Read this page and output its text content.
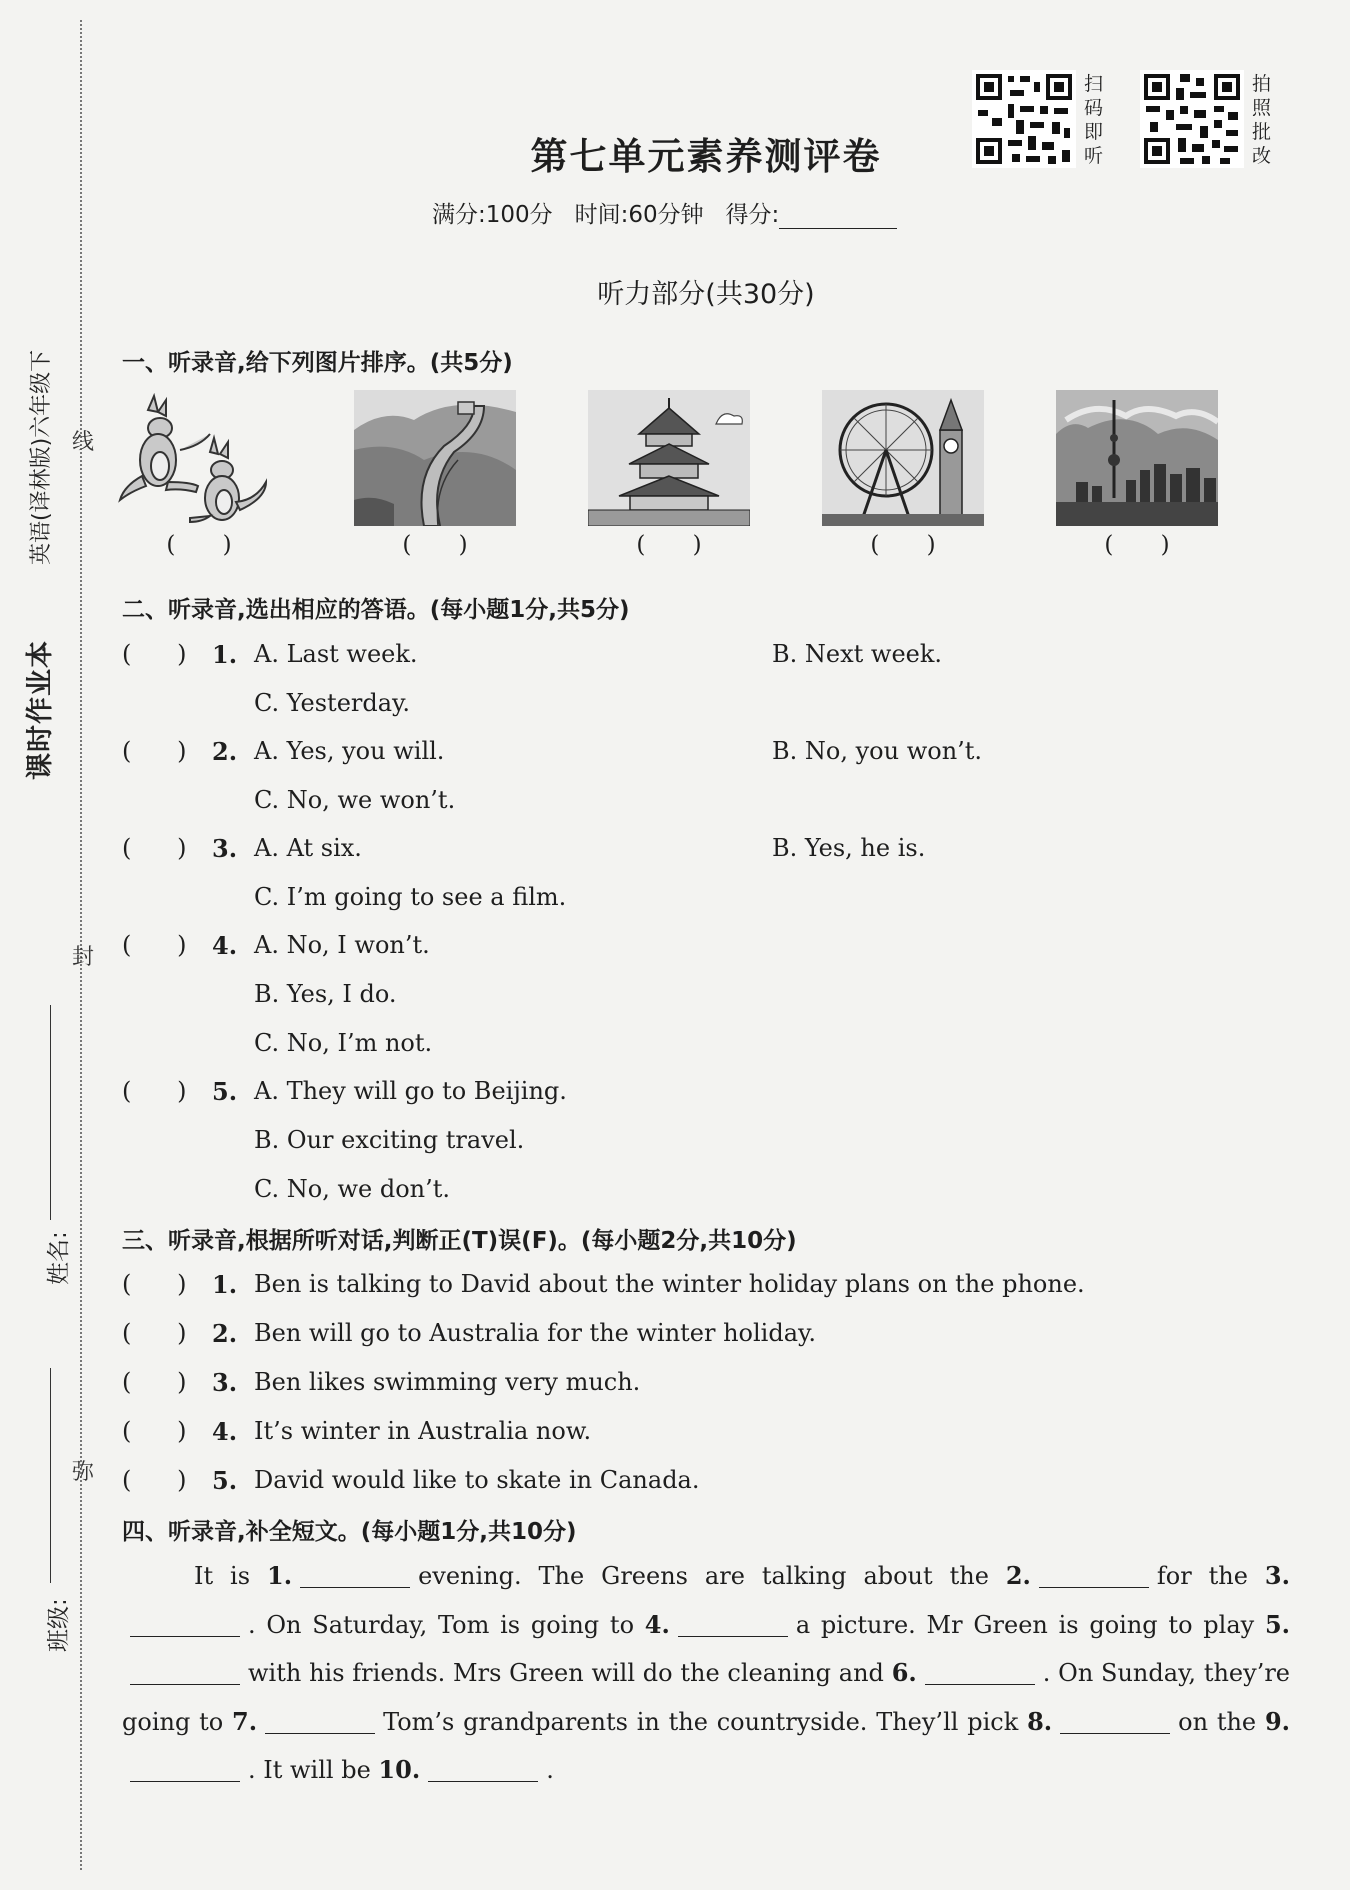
课时作业本
英语(译林版)六年级下 线
封
弥
姓名:
班级:
第七单元素养测评卷
满分:100分 时间:60分钟 得分:
扫
码
即
听
拍
照
批
改
听力部分(共30分)
一、听录音,给下列图片排序。(共5分)
( )	( )	( )	( )	( )
二、听录音,选出相应的答语。(每小题1分,共5分)
(      ) 1. A. Last week.	B. Next week.
C. Yesterday.
(      ) 2. A. Yes, you will.	B. No, you won’t.
C. No, we won’t.
(      ) 3. A. At six.	B. Yes, he is.
C. I’m going to see a film.
(      ) 4. A. No, I won’t.
B. Yes, I do.
C. No, I’m not.
(      ) 5. A. They will go to Beijing.
B. Our exciting travel.
C. No, we don’t.
三、听录音,根据所听对话,判断正(T)误(F)。(每小题2分,共10分)
(      ) 1. Ben is talking to David about the winter holiday plans on the phone.
(      ) 2. Ben will go to Australia for the winter holiday.
(      ) 3. Ben likes swimming very much.
(      ) 4. It’s winter in Australia now.
(      ) 5. David would like to skate in Canada.
四、听录音,补全短文。(每小题1分,共10分)
It is 1.	evening. The Greens are talking about the 2.	for the 3.. On Saturday, Tom is going to 4.	a picture. Mr Green is going to play 5.with his friends. Mrs Green will do the cleaning and 6.	. On Sunday, they’re going to 7.	Tom’s grandparents in the countryside. They’ll pick 8.	on the 9.. It will be 10.	.
